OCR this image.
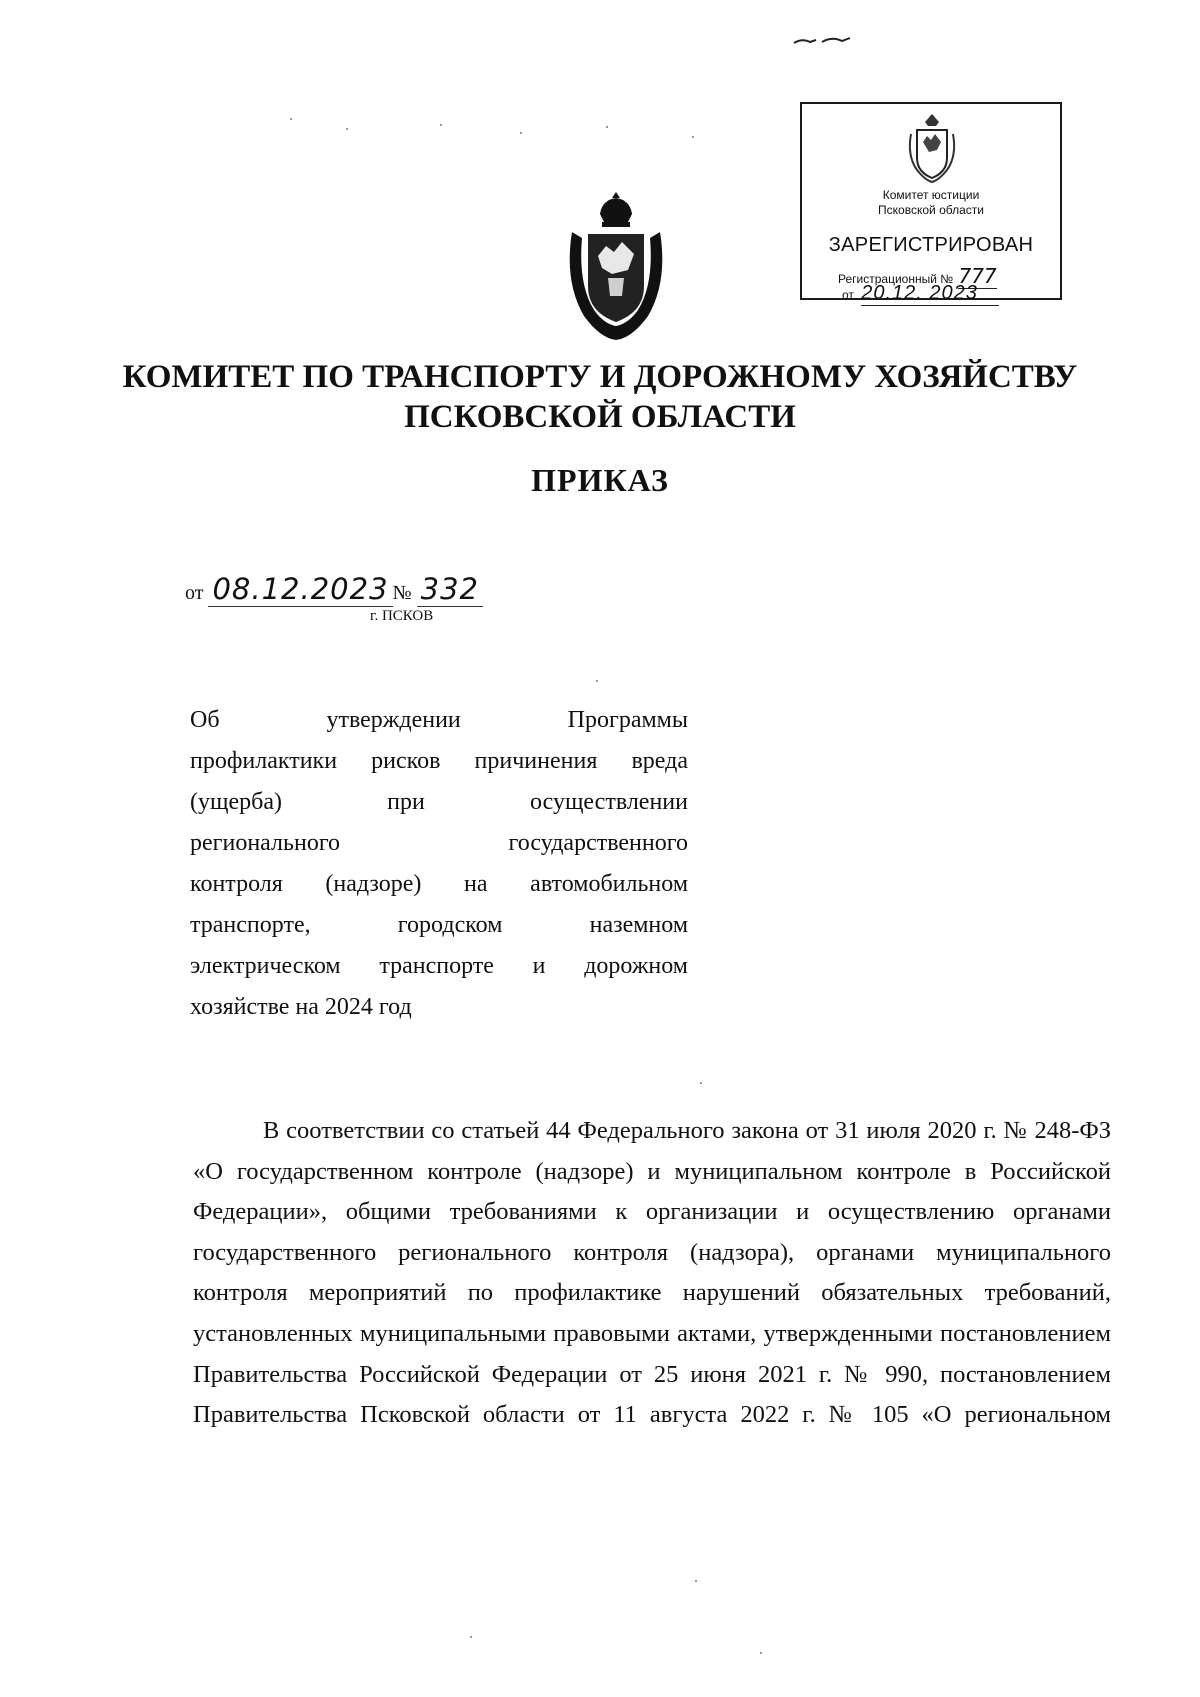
Комитет юстиции
Псковской области
ЗАРЕГИСТРИРОВАН
Регистрационный № 777
от 20.12. 2023
КОМИТЕТ ПО ТРАНСПОРТУ И ДОРОЖНОМУ ХОЗЯЙСТВУ
ПСКОВСКОЙ ОБЛАСТИ
ПРИКАЗ
от 08.12.2023 № 332
г. ПСКОВ
Об утверждении Программы
профилактики рисков причинения вреда
(ущерба) при осуществлении
регионального государственного
контроля (надзоре) на автомобильном
транспорте, городском наземном
электрическом транспорте и дорожном
хозяйстве на 2024 год
В соответствии со статьей 44 Федерального закона от 31 июля 2020 г. № 248-ФЗ «О государственном контроле (надзоре) и муниципальном контроле в Российской Федерации», общими требованиями к организации и осуществлению органами государственного регионального контроля (надзора), органами муниципального контроля мероприятий по профилактике нарушений обязательных требований, установленных муниципальными правовыми актами, утвержденными постановлением Правительства Российской Федерации от 25 июня 2021 г. № 990, постановлением Правительства Псковской области от 11 августа 2022 г. № 105 «О региональном
